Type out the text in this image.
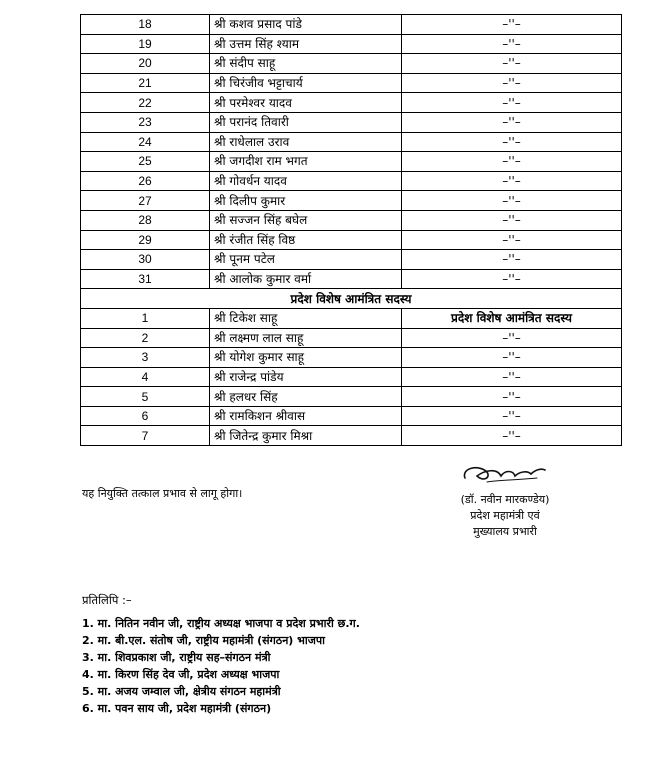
18	श्री कशव प्रसाद पांडे	–''–
19	श्री उत्तम सिंह श्याम	–''–
20	श्री संदीप साहू	–''–
21	श्री चिरंजीव भट्टाचार्य	–''–
22	श्री परमेश्वर यादव	–''–
23	श्री परानंद तिवारी	–''–
24	श्री राधेलाल उराव	–''–
25	श्री जगदीश राम भगत	–''–
26	श्री गोवर्धन यादव	–''–
27	श्री दिलीप कुमार	–''–
28	श्री सज्जन सिंह बघेल	–''–
29	श्री रंजीत सिंह विष्ठ	–''–
30	श्री पूनम पटेल	–''–
31	श्री आलोक कुमार वर्मा	–''–
प्रदेश विशेष आमंत्रित सदस्य		
1	श्री टिकेश साहू	प्रदेश विशेष आमंत्रित सदस्य
2	श्री लक्ष्मण लाल साहू	–''–
3	श्री योगेश कुमार साहू	–''–
4	श्री राजेन्द्र पांडेय	–''–
5	श्री हलधर सिंह	–''–
6	श्री रामकिशन श्रीवास	–''–
7	श्री जितेन्द्र कुमार मिश्रा	–''–
यह नियुक्ति तत्काल प्रभाव से लागू होगा।	(डॉ. नवीन मारकण्डेय)
प्रदेश महामंत्री एवं
मुख्यालय प्रभारी
प्रतिलिपि :–
1. मा. नितिन नवीन जी, राष्ट्रीय अध्यक्ष भाजपा व प्रदेश प्रभारी छ.ग.
2. मा. बी.एल. संतोष जी, राष्ट्रीय महामंत्री (संगठन) भाजपा
3. मा. शिवप्रकाश जी, राष्ट्रीय सह–संगठन मंत्री
4. मा. किरण सिंह देव जी, प्रदेश अध्यक्ष भाजपा
5. मा. अजय जम्वाल जी, क्षेत्रीय संगठन महामंत्री
6. मा. पवन साय जी, प्रदेश महामंत्री (संगठन)
